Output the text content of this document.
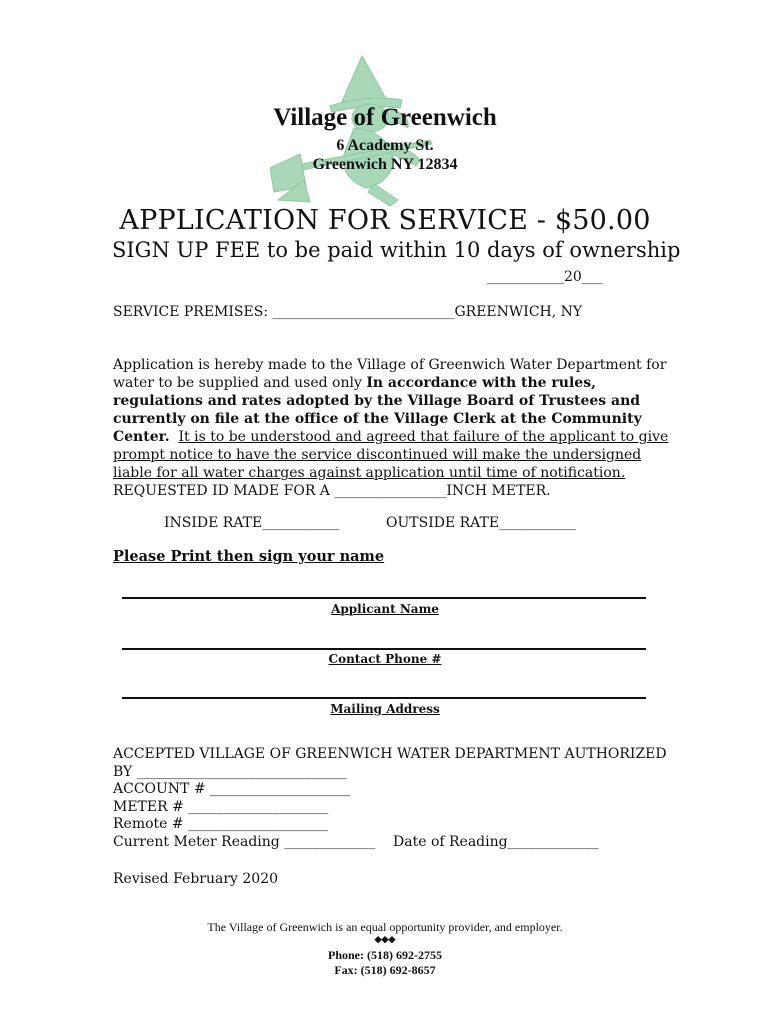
Village of Greenwich
6 Academy St.
Greenwich NY 12834
APPLICATION FOR SERVICE - $50.00
SIGN UP FEE to be paid within 10 days of ownership
___________20___
SERVICE PREMISES: __________________________GREENWICH, NY
Application is hereby made to the Village of Greenwich Water Department for water to be supplied and used only In accordance with the rules, regulations and rates adopted by the Village Board of Trustees and currently on file at the office of the Village Clerk at the Community Center. It is to be understood and agreed that failure of the applicant to give prompt notice to have the service discontinued will make the undersigned liable for all water charges against application until time of notification.
REQUESTED ID MADE FOR A ________________INCH METER.
INSIDE RATE___________	OUTSIDE RATE___________
Please Print then sign your name
Applicant Name
Contact Phone #
Mailing Address
ACCEPTED VILLAGE OF GREENWICH WATER DEPARTMENT AUTHORIZED
BY ______________________________
ACCOUNT # ____________________
METER # ____________________
Remote # ____________________
Current Meter Reading _____________    Date of Reading_____________
Revised February 2020
The Village of Greenwich is an equal opportunity provider, and employer.
◆◆◆
Phone: (518) 692-2755
Fax: (518) 692-8657
